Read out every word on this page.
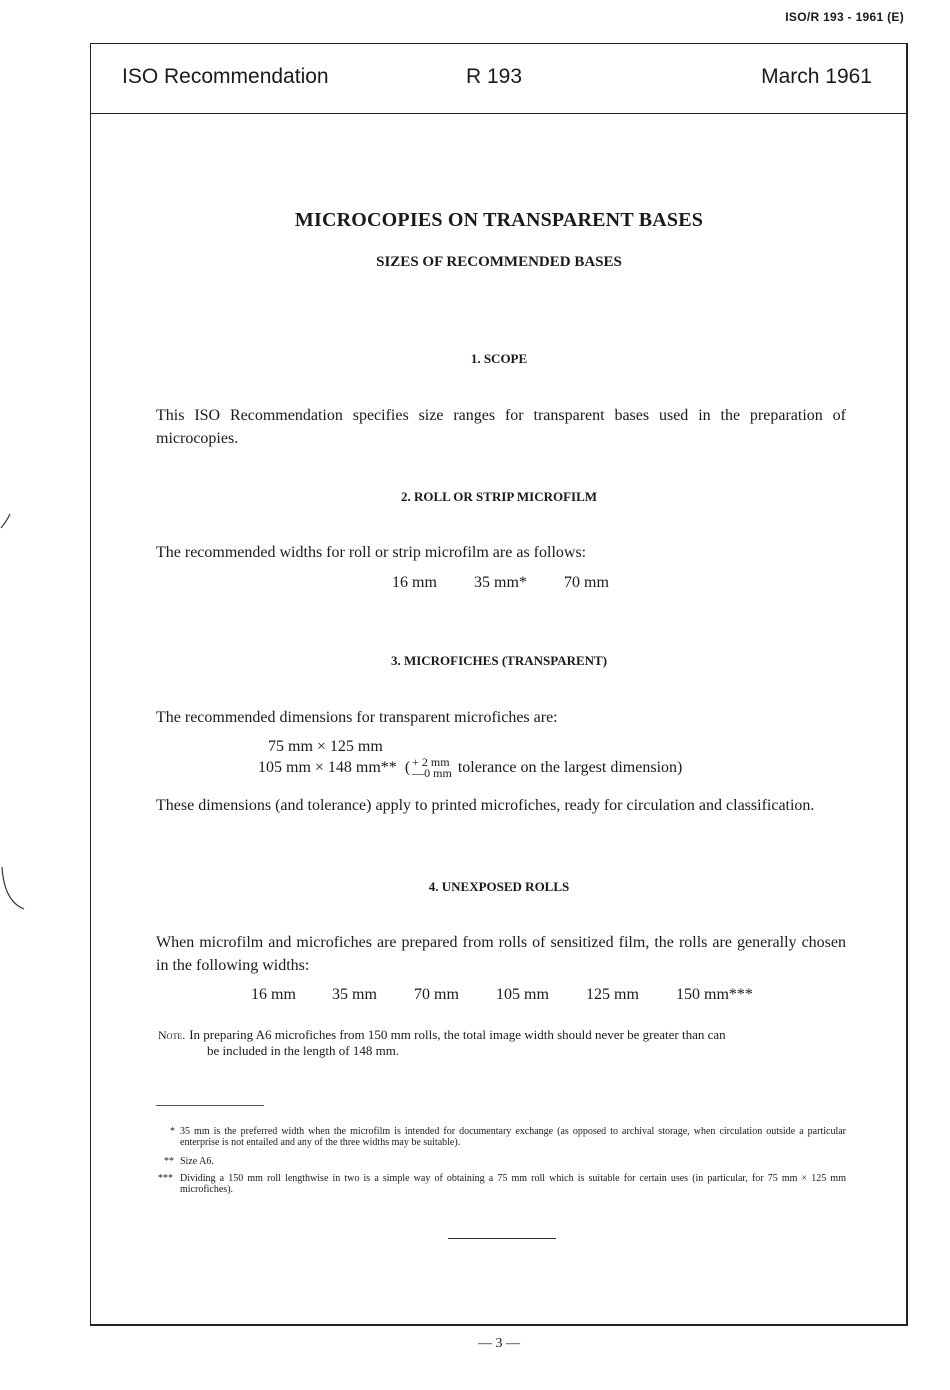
ISO/R 193 - 1961 (E)
ISO Recommendation	R 193	March 1961
MICROCOPIES ON TRANSPARENT BASES
SIZES OF RECOMMENDED BASES
1. SCOPE
This ISO Recommendation specifies size ranges for transparent bases used in the preparation of microcopies.
2. ROLL OR STRIP MICROFILM
The recommended widths for roll or strip microfilm are as follows:
16 mm 35 mm* 70 mm
3. MICROFICHES (TRANSPARENT)
The recommended dimensions for transparent microfiches are:
75 mm × 125 mm
105 mm × 148 mm** ( + 2 mm
—0 mm tolerance on the largest dimension)
These dimensions (and tolerance) apply to printed microfiches, ready for circulation and classification.
4. UNEXPOSED ROLLS
When microfilm and microfiches are prepared from rolls of sensitized film, the rolls are generally chosen in the following widths:
16 mm 35 mm 70 mm 105 mm 125 mm 150 mm***
Note. In preparing A6 microfiches from 150 mm rolls, the total image width should never be greater than can
be included in the length of 148 mm.
* 35 mm is the preferred width when the microfilm is intended for documentary exchange (as opposed to archival storage, when circulation outside a particular enterprise is not entailed and any of the three widths may be suitable).
** Size A6.
*** Dividing a 150 mm roll lengthwise in two is a simple way of obtaining a 75 mm roll which is suitable for certain uses (in particular, for 75 mm × 125 mm microfiches).
— 3 —
